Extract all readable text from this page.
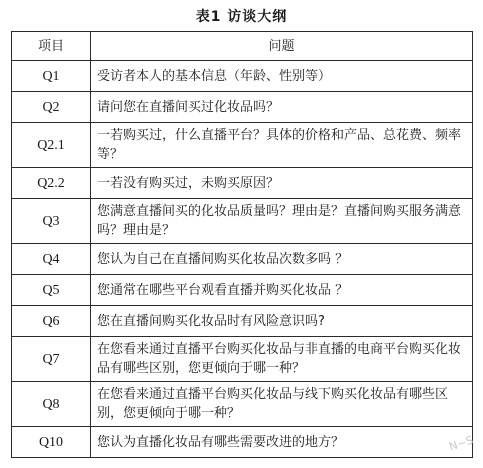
表1 访谈大纲
项目	问题
Q1	受访者本人的基本信息（年龄、性别等）
Q2	请问您在直播间买过化妆品吗？
Q2.1	一若购买过，什么直播平台？具体的价格和产品、总花费、频率等？
Q2.2	一若没有购买过，未购买原因？
Q3	您满意直播间买的化妆品质量吗？理由是？直播间购买服务满意吗？理由是？
Q4	您认为自己在直播间购买化妆品次数多吗 ？
Q5	您通常在哪些平台观看直播并购买化妆品 ？
Q6	您在直播间购买化妆品时有风险意识吗?
Q7	在您看来通过直播平台购买化妆品与非直播的电商平台购买化妆品有哪些区别，您更倾向于哪一种？
Q8	在您看来通过直播平台购买化妆品与线下购买化妆品有哪些区别，您更倾向于哪一种？
Q10	您认为直播化妆品有哪些需要改进的地方？	N~S
